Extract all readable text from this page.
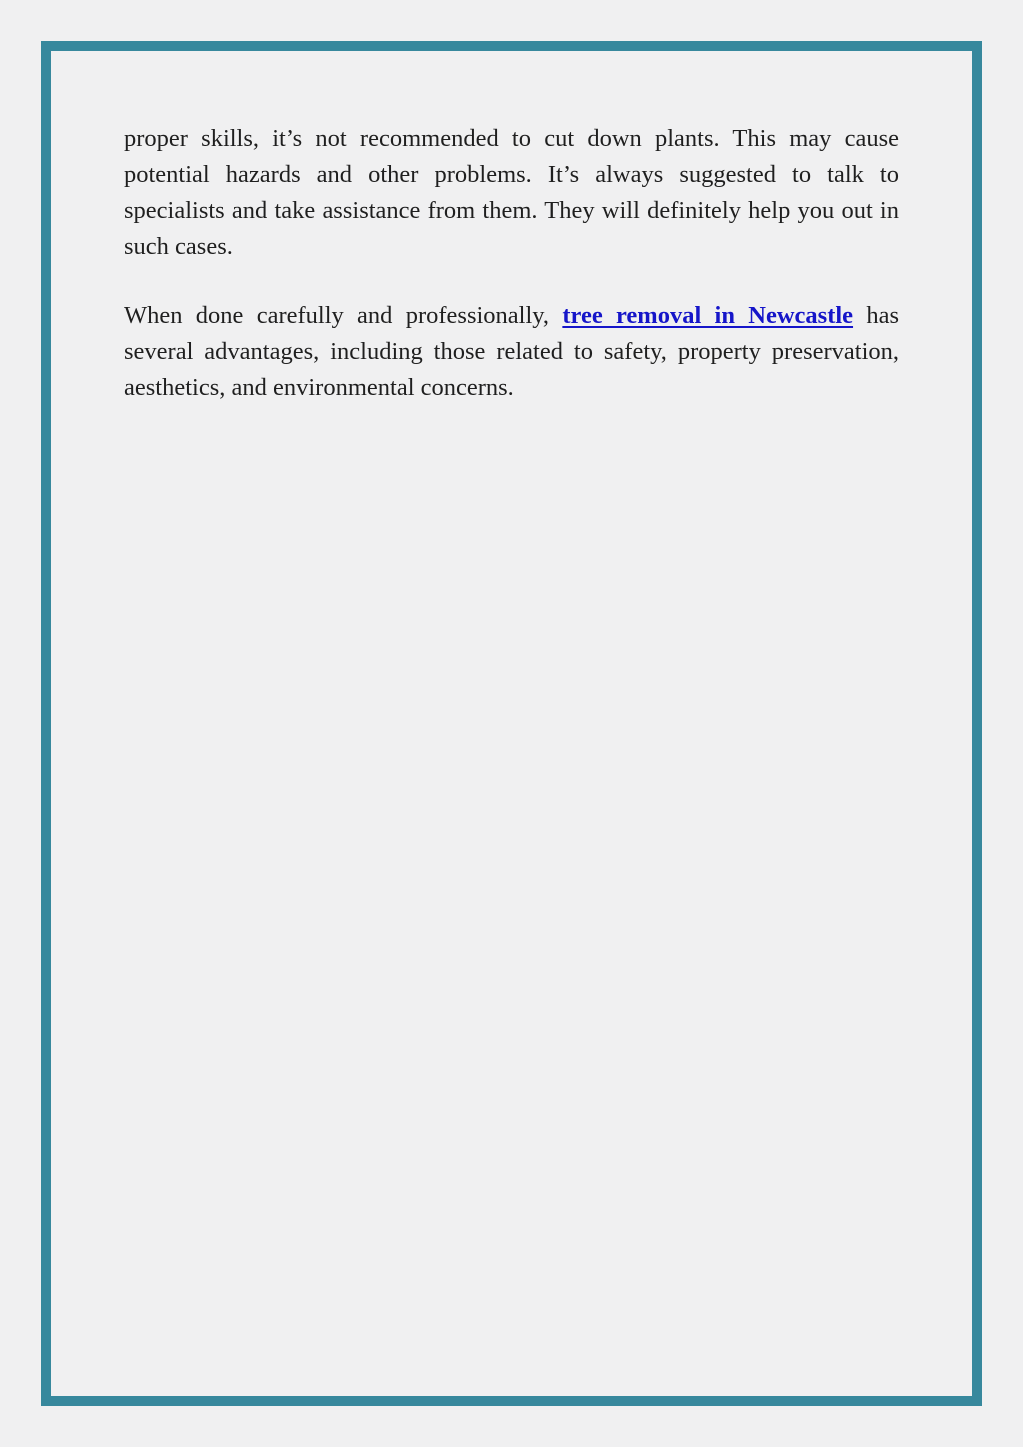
proper skills, it’s not recommended to cut down plants. This may cause potential hazards and other problems. It’s always suggested to talk to specialists and take assistance from them. They will definitely help you out in such cases.

When done carefully and professionally, tree removal in Newcastle has several advantages, including those related to safety, property preservation, aesthetics, and environmental concerns.
